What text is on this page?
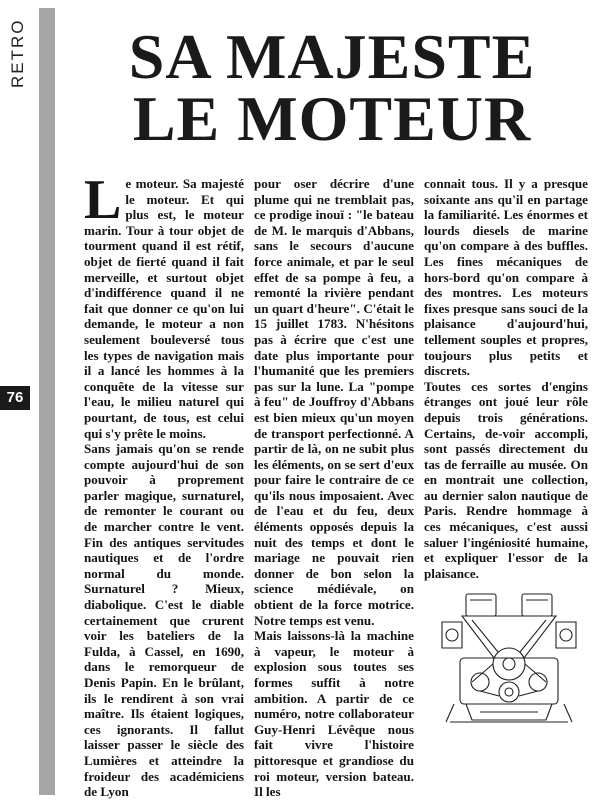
RETRO
76
SA MAJESTE
LE MOTEUR

Le moteur. Sa majesté le moteur. Et qui plus est, le moteur marin. Tour à tour objet de tourment quand il est rétif, objet de fierté quand il fait merveille, et surtout objet d'indifférence quand il ne fait que donner ce qu'on lui demande, le moteur a non seulement bouleversé tous les types de navigation mais il a lancé les hommes à la conquête de la vitesse sur l'eau, le milieu naturel qui pourtant, de tous, est celui qui s'y prête le moins.

Sans jamais qu'on se rende compte aujourd'hui de son pouvoir à proprement parler magique, surnaturel, de remonter le courant ou de marcher contre le vent. Fin des antiques servitudes nautiques et de l'ordre normal du monde. Surnaturel ? Mieux, diabolique. C'est le diable certainement que crurent voir les bateliers de la Fulda, à Cassel, en 1690, dans le remorqueur de Denis Papin. En le brûlant, ils le rendirent à son vrai maître. Ils étaient logiques, ces ignorants. Il fallut laisser passer le siècle des Lumières et atteindre la froideur des académiciens de Lyon

pour oser décrire d'une plume qui ne tremblait pas, ce prodige inouï : "le bateau de M. le marquis d'Abbans, sans le secours d'aucune force animale, et par le seul effet de sa pompe à feu, a remonté la rivière pendant un quart d'heure". C'était le 15 juillet 1783. N'hésitons pas à écrire que c'est une date plus importante pour l'humanité que les premiers pas sur la lune. La "pompe à feu" de Jouffroy d'Abbans est bien mieux qu'un moyen de transport perfectionné. A partir de là, on ne subit plus les éléments, on se sert d'eux pour faire le contraire de ce qu'ils nous imposaient. Avec de l'eau et du feu, deux éléments opposés depuis la nuit des temps et dont le mariage ne pouvait rien donner de bon selon la science médiévale, on obtient de la force motrice. Notre temps est venu.

Mais laissons-là la machine à vapeur, le moteur à explosion sous toutes ses formes suffit à notre ambition. A partir de ce numéro, notre collaborateur Guy-Henri Lévêque nous fait vivre l'histoire pittoresque et grandiose du roi moteur, version bateau. Il les

connait tous. Il y a presque soixante ans qu'il en partage la familiarité. Les énormes et lourds diesels de marine qu'on compare à des buffles. Les fines mécaniques de hors-bord qu'on compare à des montres. Les moteurs fixes presque sans souci de la plaisance d'aujourd'hui, tellement souples et propres, toujours plus petits et discrets.

Toutes ces sortes d'engins étranges ont joué leur rôle depuis trois générations. Certains, de-voir accompli, sont passés directement du tas de ferraille au musée. On en montrait une collection, au dernier salon nautique de Paris. Rendre hommage à ces mécaniques, c'est aussi saluer l'ingéniosité humaine, et expliquer l'essor de la plaisance.
